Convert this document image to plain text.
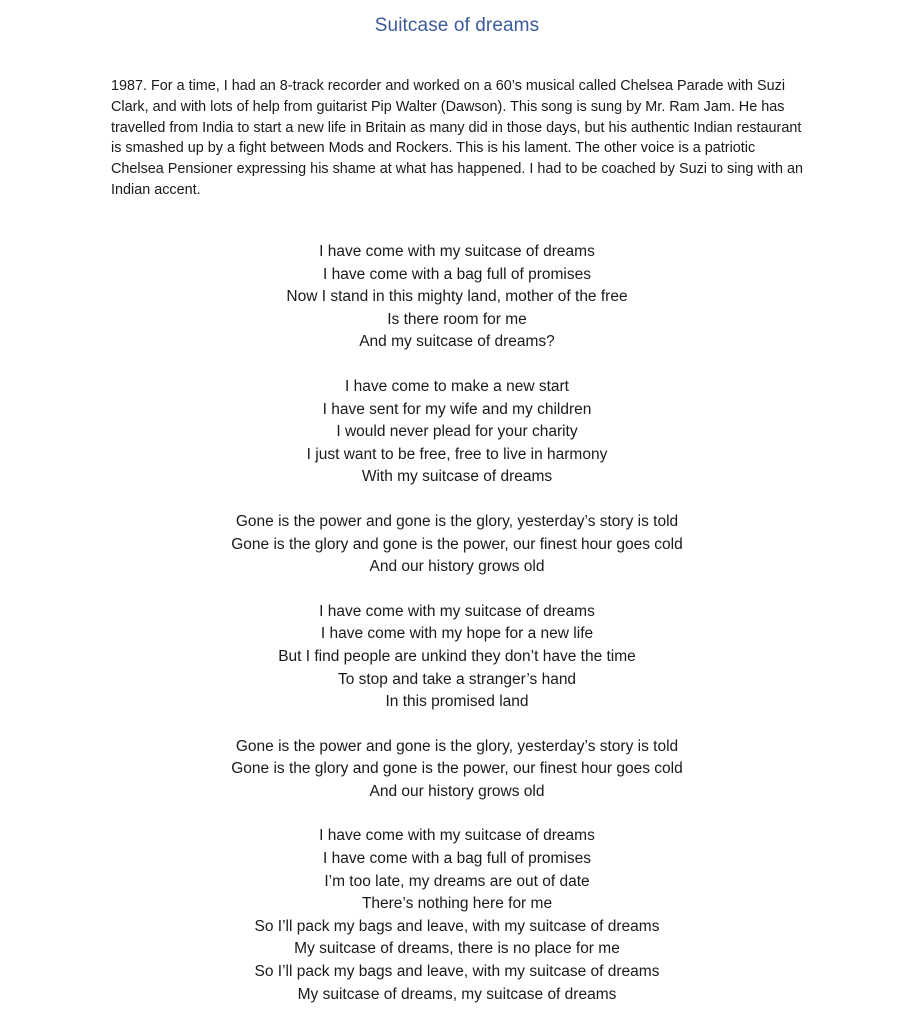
Suitcase of dreams
1987. For a time, I had an 8-track recorder and worked on a 60’s musical called Chelsea Parade with Suzi Clark, and with lots of help from guitarist Pip Walter (Dawson). This song is sung by Mr. Ram Jam. He has travelled from India to start a new life in Britain as many did in those days, but his authentic Indian restaurant is smashed up by a fight between Mods and Rockers. This is his lament. The other voice is a patriotic Chelsea Pensioner expressing his shame at what has happened. I had to be coached by Suzi to sing with an Indian accent.
I have come with my suitcase of dreams
I have come with a bag full of promises
Now I stand in this mighty land, mother of the free
Is there room for me
And my suitcase of dreams?
I have come to make a new start
I have sent for my wife and my children
I would never plead for your charity
I just want to be free, free to live in harmony
With my suitcase of dreams
Gone is the power and gone is the glory, yesterday’s story is told
Gone is the glory and gone is the power, our finest hour goes cold
And our history grows old
I have come with my suitcase of dreams
I have come with my hope for a new life
But I find people are unkind they don’t have the time
To stop and take a stranger’s hand
In this promised land
Gone is the power and gone is the glory, yesterday’s story is told
Gone is the glory and gone is the power, our finest hour goes cold
And our history grows old
I have come with my suitcase of dreams
I have come with a bag full of promises
I’m too late, my dreams are out of date
There’s nothing here for me
So I’ll pack my bags and leave, with my suitcase of dreams
My suitcase of dreams, there is no place for me
So I’ll pack my bags and leave, with my suitcase of dreams
My suitcase of dreams, my suitcase of dreams
